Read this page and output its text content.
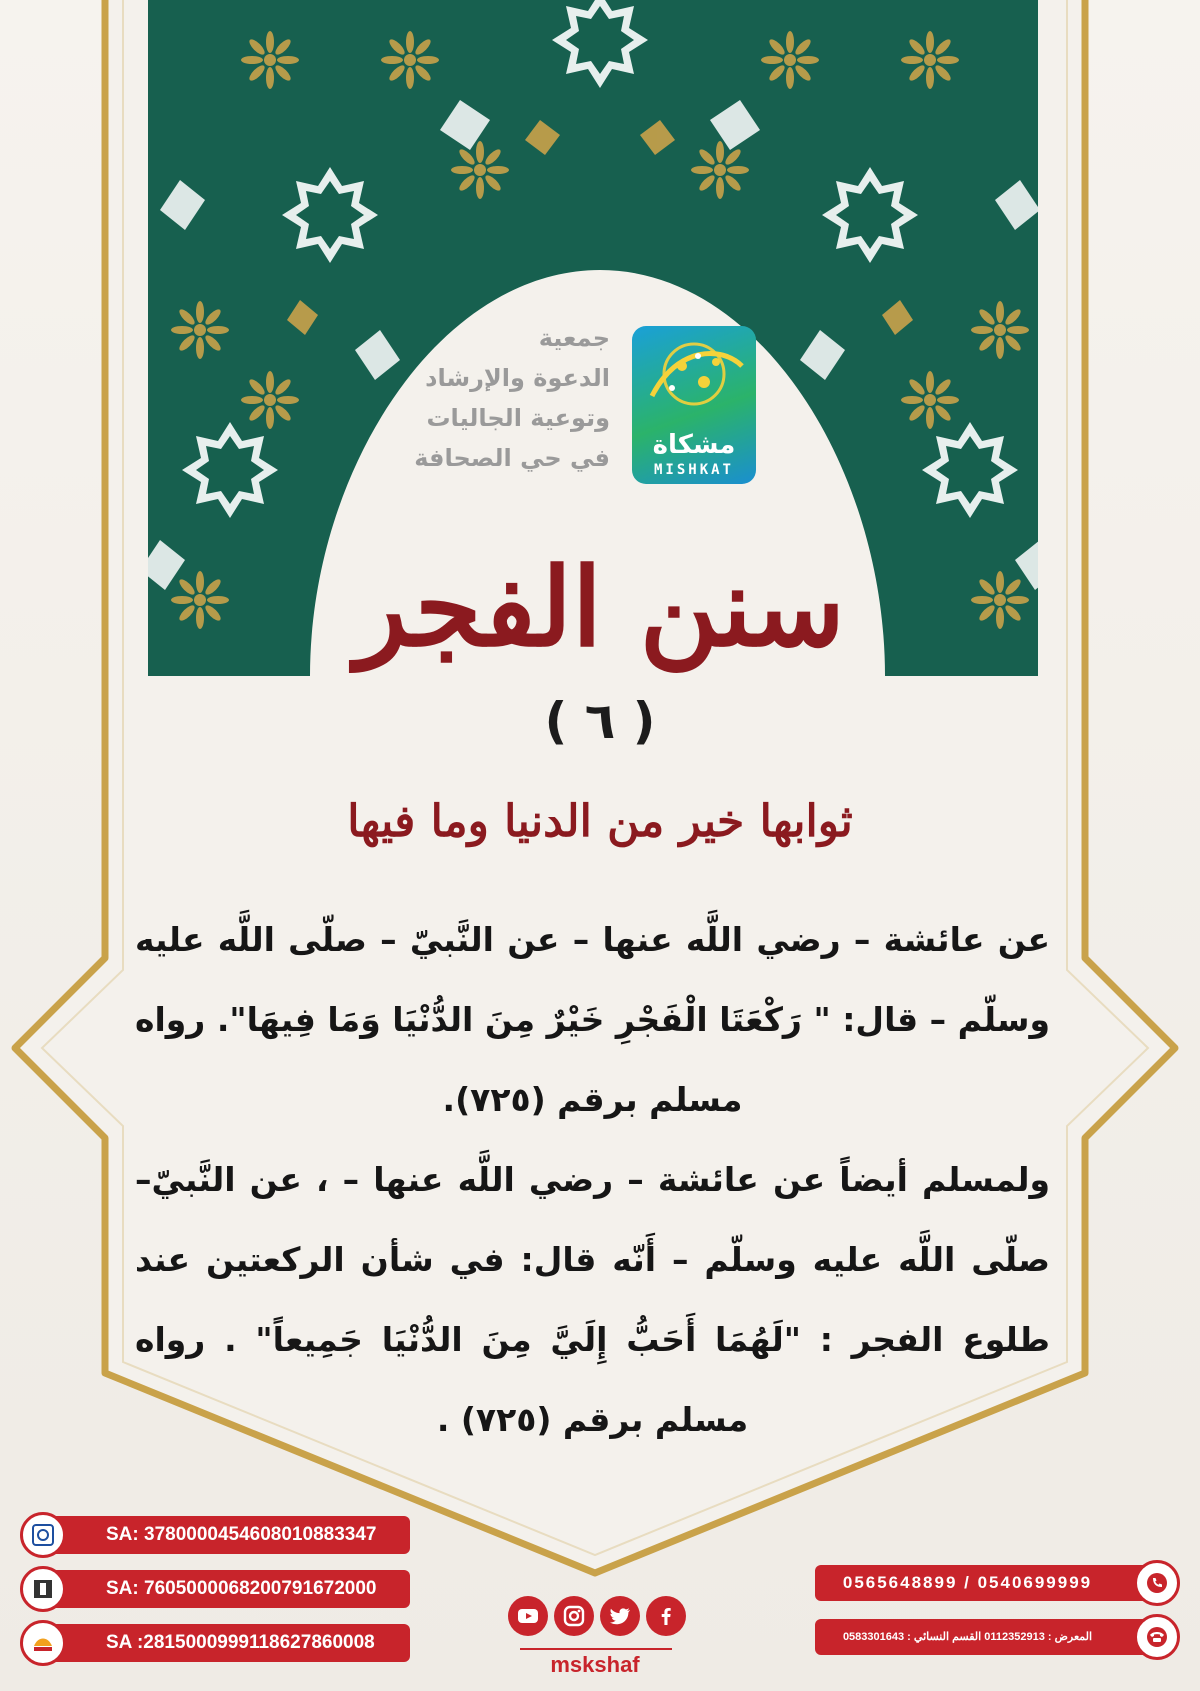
جمعية
الدعوة والإرشاد
وتوعية الجاليات
في حي الصحافة	مشكاة
MISHKAT
سنن الفجر
( ٦ )
ثوابها خير من الدنيا وما فيها

عن عائشة – رضي اللَّه عنها – عن النَّبيّ – صلّى اللَّه عليه وسلّم – قال: " رَكْعَتَا الْفَجْرِ خَيْرٌ مِنَ الدُّنْيَا وَمَا فِيهَا". رواه مسلم برقم (٧٢٥).

ولمسلم أيضاً عن عائشة – رضي اللَّه عنها – ، عن النَّبيّ– صلّى اللَّه عليه وسلّم – أَنّه قال: في شأن الركعتين عند طلوع الفجر : "لَهُمَا أَحَبُّ إِلَيَّ مِنَ الدُّنْيَا جَمِيعاً" . رواه مسلم برقم (٧٢٥) .

SA: 378000045460801088334‍7
SA: 760500006820079167200‍0
SA :281500099911862786000‍8
mskshaf
0565648899 / 0540699999
المعرض : 0112352913 القسم النسائي : 0583301643
